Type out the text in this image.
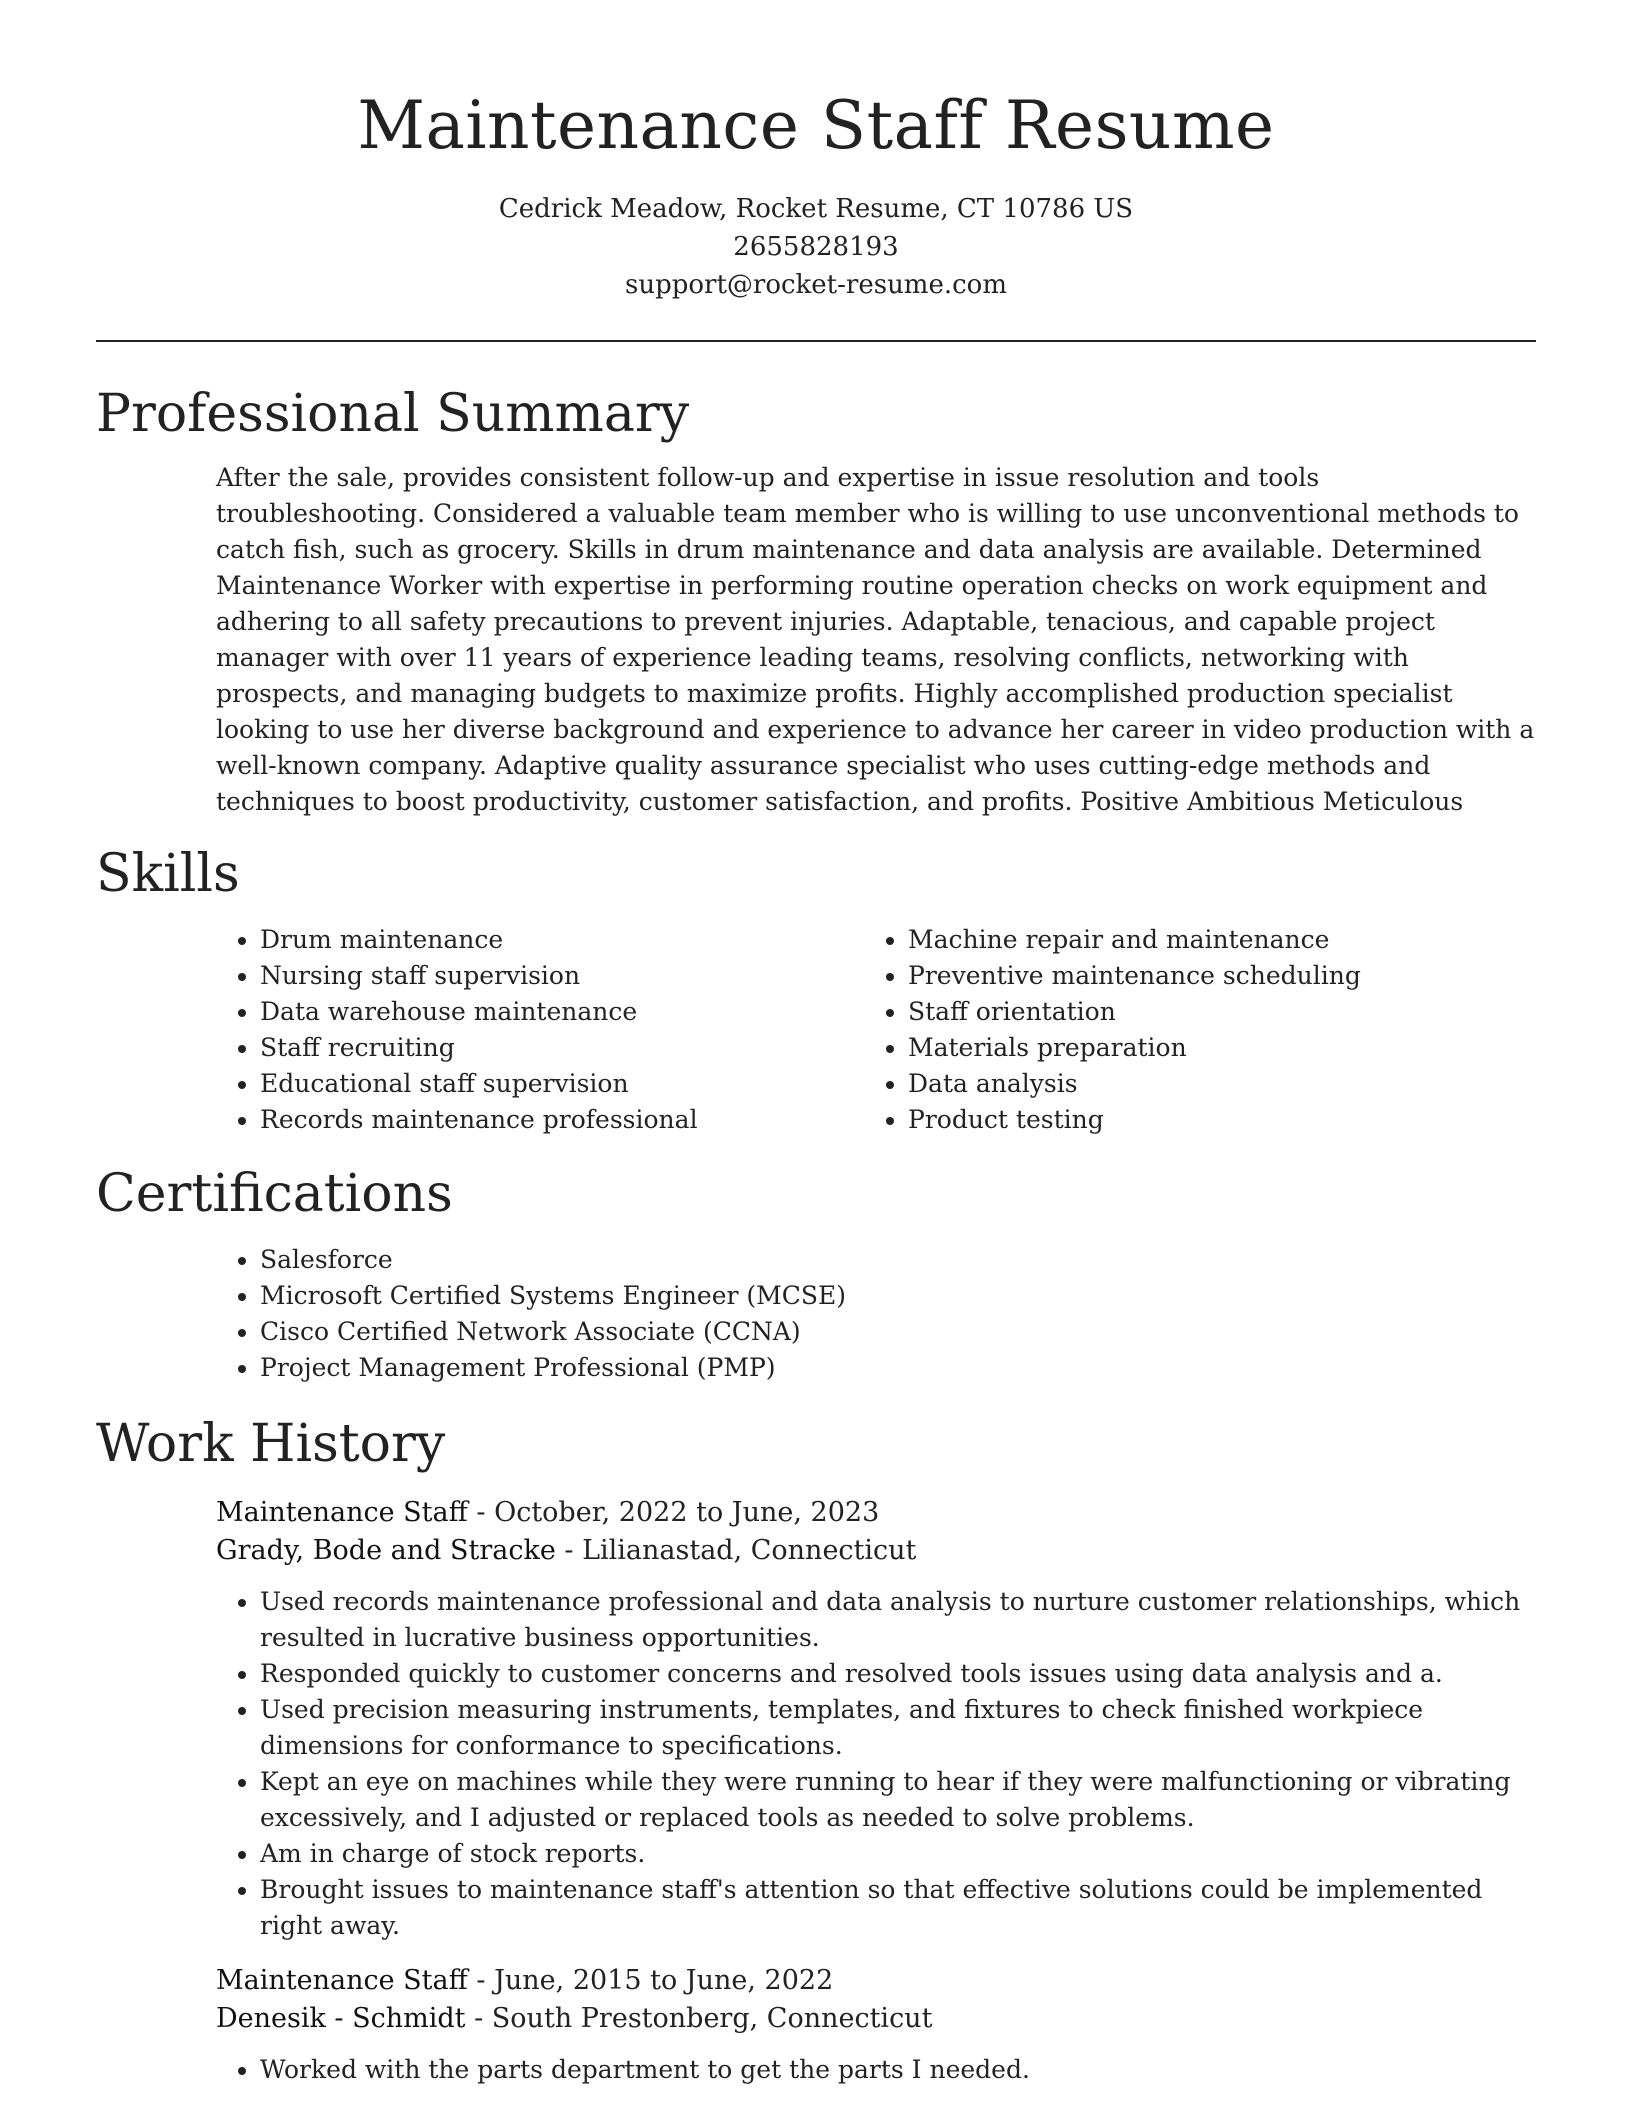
Maintenance Staff Resume
Cedrick Meadow, Rocket Resume, CT 10786 US
2655828193
support@rocket-resume.com
Professional Summary
After the sale, provides consistent follow-up and expertise in issue resolution and tools troubleshooting. Considered a valuable team member who is willing to use unconventional methods to catch fish, such as grocery. Skills in drum maintenance and data analysis are available. Determined Maintenance Worker with expertise in performing routine operation checks on work equipment and adhering to all safety precautions to prevent injuries. Adaptable, tenacious, and capable project manager with over 11 years of experience leading teams, resolving conflicts, networking with prospects, and managing budgets to maximize profits. Highly accomplished production specialist looking to use her diverse background and experience to advance her career in video production with a well-known company. Adaptive quality assurance specialist who uses cutting-edge methods and techniques to boost productivity, customer satisfaction, and profits. Positive Ambitious Meticulous
Skills
• Drum maintenance
• Nursing staff supervision
• Data warehouse maintenance
• Staff recruiting
• Educational staff supervision
• Records maintenance professional
• Machine repair and maintenance
• Preventive maintenance scheduling
• Staff orientation
• Materials preparation
• Data analysis
• Product testing
Certifications
• Salesforce
• Microsoft Certified Systems Engineer (MCSE)
• Cisco Certified Network Associate (CCNA)
• Project Management Professional (PMP)
Work History
Maintenance Staff - October, 2022 to June, 2023
Grady, Bode and Stracke - Lilianastad, Connecticut
• Used records maintenance professional and data analysis to nurture customer relationships, which resulted in lucrative business opportunities.
• Responded quickly to customer concerns and resolved tools issues using data analysis and a.
• Used precision measuring instruments, templates, and fixtures to check finished workpiece dimensions for conformance to specifications.
• Kept an eye on machines while they were running to hear if they were malfunctioning or vibrating excessively, and I adjusted or replaced tools as needed to solve problems.
• Am in charge of stock reports.
• Brought issues to maintenance staff's attention so that effective solutions could be implemented right away.
Maintenance Staff - June, 2015 to June, 2022
Denesik - Schmidt - South Prestonberg, Connecticut
• Worked with the parts department to get the parts I needed.
